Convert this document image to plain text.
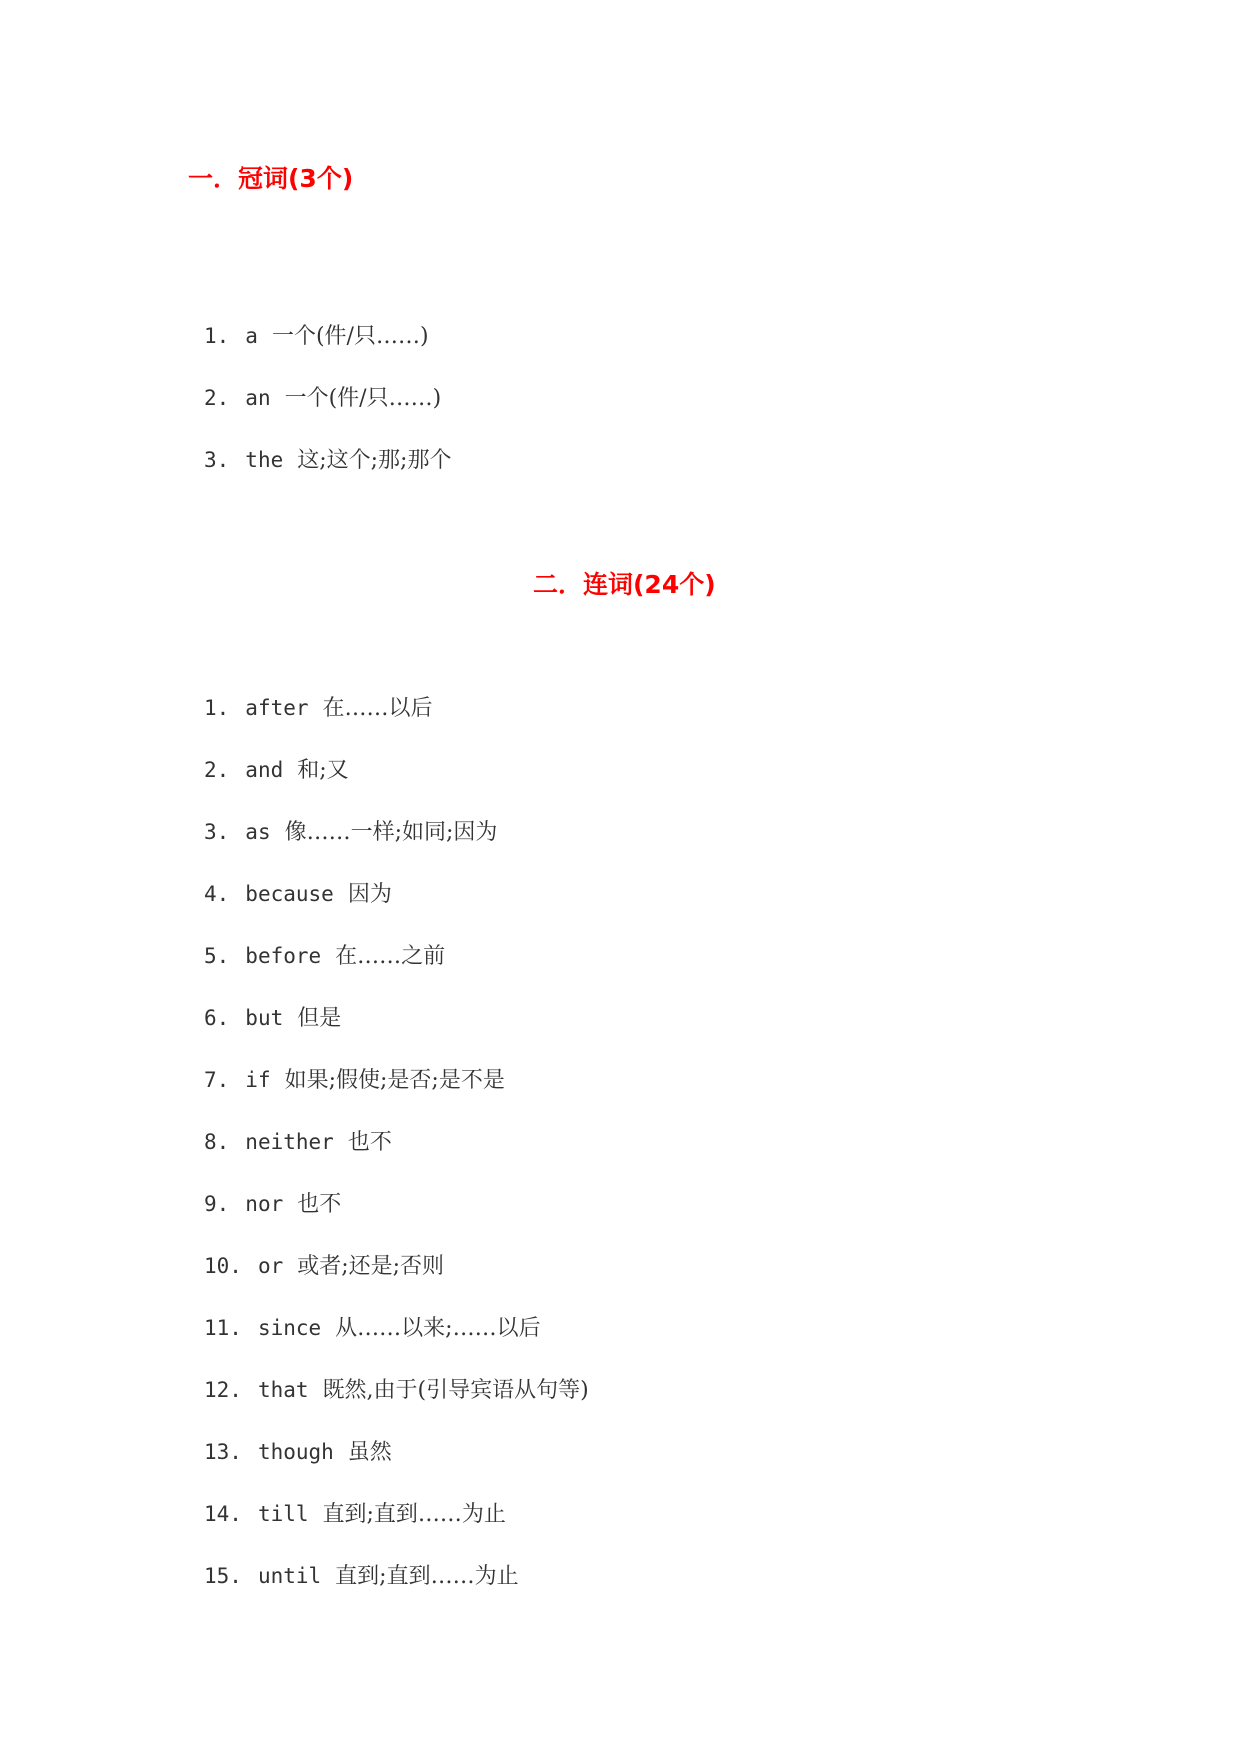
一．冠词(3个)
1. a 一个(件/只……)
2. an 一个(件/只……)
3. the 这;这个;那;那个
二．连词(24个)
1. after 在……以后
2. and 和;又
3. as 像……一样;如同;因为
4. because 因为
5. before 在……之前
6. but 但是
7. if 如果;假使;是否;是不是
8. neither 也不
9. nor 也不
10. or 或者;还是;否则
11. since 从……以来;……以后
12. that 既然,由于(引导宾语从句等)
13. though 虽然
14. till 直到;直到……为止
15. until 直到;直到……为止
